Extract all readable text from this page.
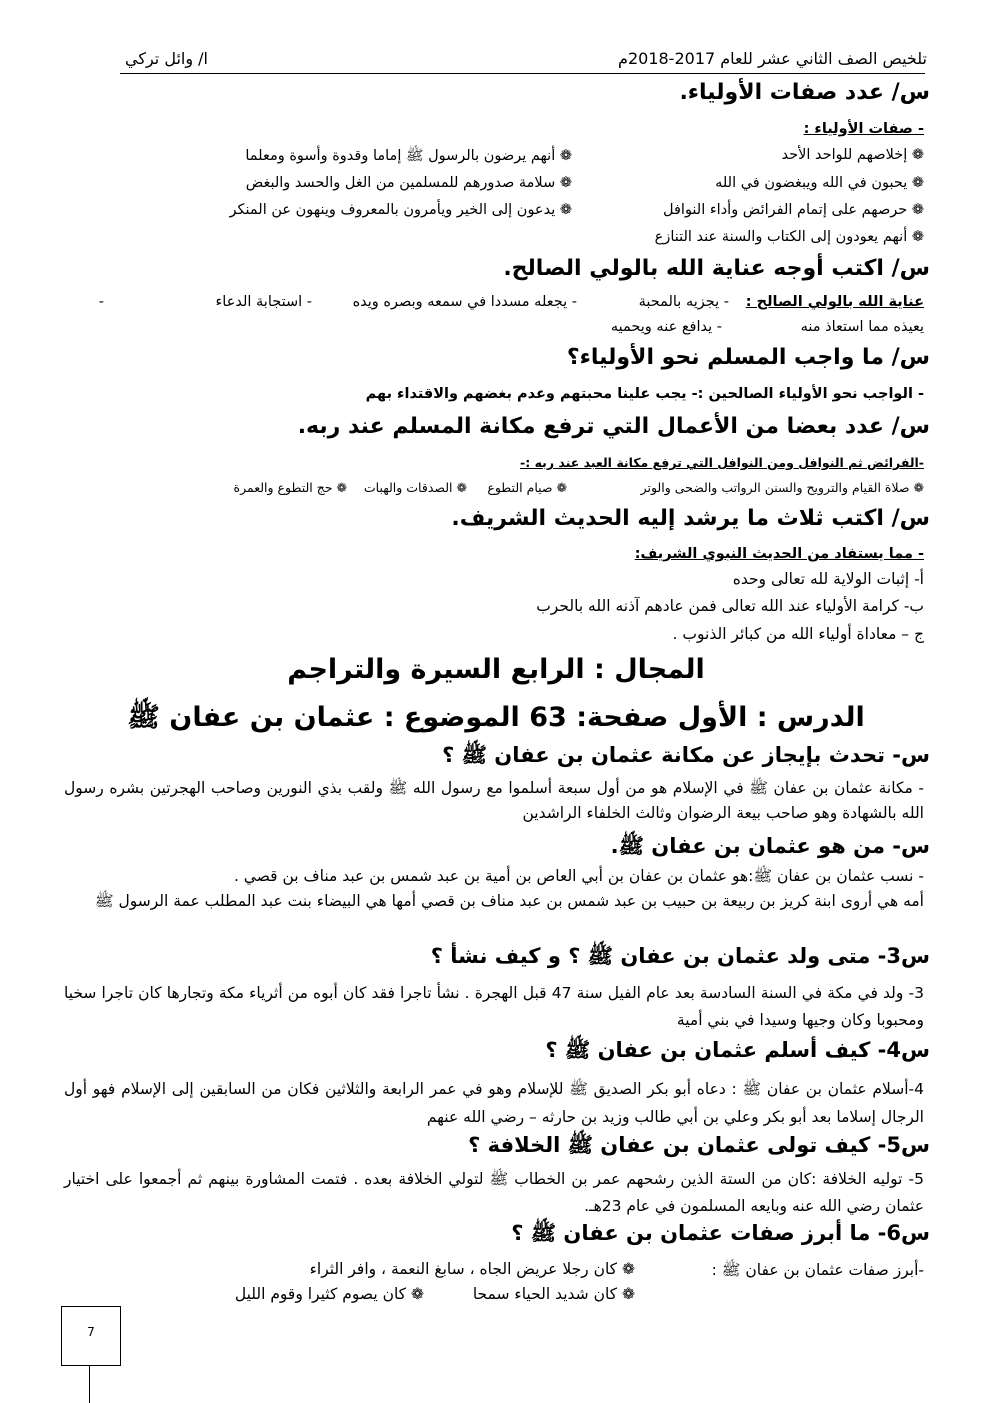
تلخيص الصف الثاني عشر للعام 2017-2018م
ا/ وائل تركي
س/ عدد صفات الأولياء.
- صفات الأولياء :
❁ إخلاصهم للواحد الأحد
❁ أنهم يرضون بالرسول ﷺ إماما وقدوة وأسوة ومعلما
❁ يحبون في الله ويبغضون في الله
❁ سلامة صدورهم للمسلمين من الغل والحسد والبغض
❁ حرصهم على إتمام الفرائض وأداء النوافل
❁ يدعون إلى الخير ويأمرون بالمعروف وينهون عن المنكر
❁ أنهم يعودون إلى الكتاب والسنة عند التنازع
س/ اكتب أوجه عناية الله بالولي الصالح.
عناية الله بالولي الصالح :
- يجزيه بالمحبة
- يجعله مسددا في سمعه وبصره ويده
- استجابة الدعاء
-
يعيذه مما استعاذ منه
- يدافع عنه ويحميه
س/ ما واجب المسلم نحو الأولياء؟
- الواجب نحو الأولياء الصالحين :- يجب علينا محبتهم وعدم بغضهم والاقتداء بهم
س/ عدد بعضا من الأعمال التي ترفع مكانة المسلم عند ربه.
-الفرائض ثم النوافل ومن النوافل التي ترفع مكانة العبد عند ربه :-
❁ صلاة القيام والترويح والسنن الرواتب والضحى والوتر
❁ صيام التطوع
❁ الصدقات والهبات
❁ حج التطوع والعمرة
س/ اكتب ثلاث ما يرشد إليه الحديث الشريف.
- مما يستفاد من الحديث النبوي الشريف:
أ- إثبات الولاية لله تعالى وحده
ب- كرامة الأولياء عند الله تعالى فمن عادهم آذنه الله بالحرب
ج – معاداة أولياء الله من كبائر الذنوب .
المجال : الرابع السيرة والتراجم
الدرس : الأول صفحة: 63 الموضوع : عثمان بن عفان ﷺ
س- تحدث بإيجاز عن مكانة عثمان بن عفان ﷺ ؟
- مكانة عثمان بن عفان ﷺ في الإسلام هو من أول سبعة أسلموا مع رسول الله ﷺ ولقب بذي النورين وصاحب الهجرتين بشره رسول الله بالشهادة وهو صاحب بيعة الرضوان وثالث الخلفاء الراشدين
س- من هو عثمان بن عفان ﷺ.
- نسب عثمان بن عفان ﷺ:هو عثمان بن عفان بن أبي العاص بن أمية بن عبد شمس بن عبد مناف بن قصي .
أمه هي أروى ابنة كريز بن ربيعة بن حبيب بن عبد شمس بن عبد مناف بن قصي أمها هي البيضاء بنت عبد المطلب عمة الرسول ﷺ
س3- متى ولد عثمان بن عفان ﷺ ؟ و كيف نشأ ؟
3- ولد في مكة في السنة السادسة بعد عام الفيل سنة 47 قبل الهجرة . نشأ تاجرا فقد كان أبوه من أثرياء مكة وتجارها كان تاجرا سخيا ومحبوبا وكان وجيها وسيدا في بني أمية
س4- كيف أسلم عثمان بن عفان ﷺ ؟
4-أسلام عثمان بن عفان ﷺ : دعاه أبو بكر الصديق ﷺ للإسلام وهو في عمر الرابعة والثلاثين فكان من السابقين إلى الإسلام فهو أول الرجال إسلاما بعد أبو بكر وعلي بن أبي طالب وزيد بن حارثه – رضي الله عنهم
س5- كيف تولى عثمان بن عفان ﷺ الخلافة ؟
5- توليه الخلافة :كان من الستة الذين رشحهم عمر بن الخطاب ﷺ لتولي الخلافة بعده . فتمت المشاورة بينهم ثم أجمعوا على اختيار عثمان رضي الله عنه وبايعه المسلمون في عام 23هـ.
س6- ما أبرز صفات عثمان بن عفان ﷺ ؟
-أبرز صفات عثمان بن عفان ﷺ :
❁ كان رجلا عريض الجاه ، سابغ النعمة ، وافر الثراء
❁ كان شديد الحياء سمحا
❁ كان يصوم كثيرا وقوم الليل
7
